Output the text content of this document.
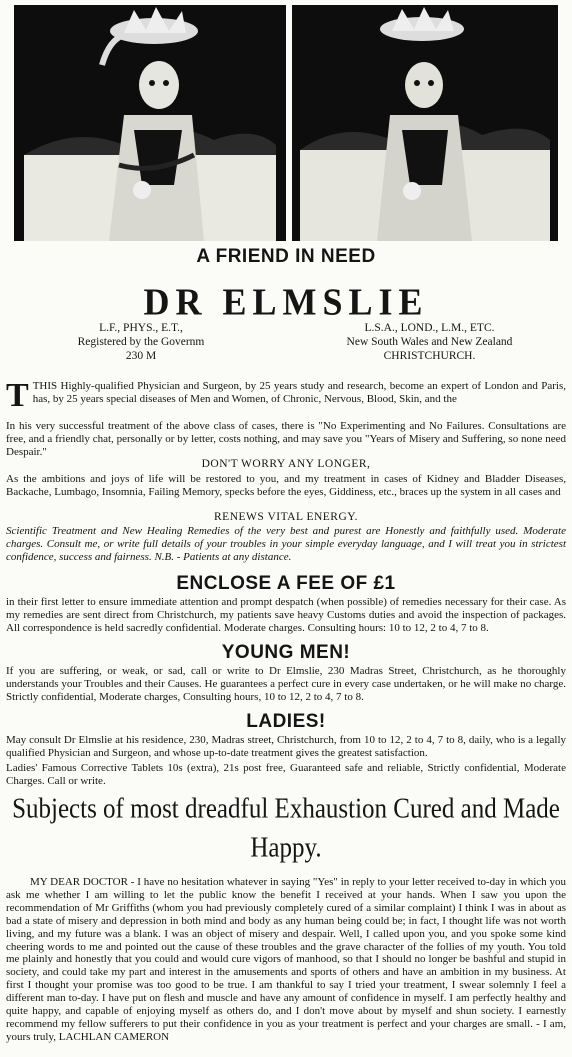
A FRIEND IN NEED
DR ELMSLIE
L.F., PHYS., E.T.,
Registered by the Governm
230 M
L.S.A., LOND., L.M., ETC.
New South Wales and New Zealand
CHRISTCHURCH.
TTHIS Highly-qualified Physician and Surgeon, by 25 years study and research, become an expert of London and Paris, has, by 25 years special diseases of Men and Women, of Chronic, Nervous, Blood, Skin, and the
In his very successful treatment of the above class of cases, there is "No Experimenting and No Failures. Consultations are free, and a friendly chat, personally or by letter, costs nothing, and may save you "Years of Misery and Suffering, so none need Despair."
DON'T WORRY ANY LONGER,
As the ambitions and joys of life will be restored to you, and my treatment in cases of Kidney and Bladder Diseases, Backache, Lumbago, Insomnia, Failing Memory, specks before the eyes, Giddiness, etc., braces up the system in all cases and
RENEWS VITAL ENERGY.
Scientific Treatment and New Healing Remedies of the very best and purest are Honestly and faithfully used. Moderate charges. Consult me, or write full details of your troubles in your simple everyday language, and I will treat you in strictest confidence, success and fairness. N.B. - Patients at any distance.
ENCLOSE A FEE OF £1
in their first letter to ensure immediate attention and prompt despatch (when possible) of remedies necessary for their case. As my remedies are sent direct from Christchurch, my patients save heavy Customs duties and avoid the inspection of packages. All correspondence is held sacredly confidential. Moderate charges. Consulting hours: 10 to 12, 2 to 4, 7 to 8.
YOUNG MEN!
If you are suffering, or weak, or sad, call or write to Dr Elmslie, 230 Madras Street, Christchurch, as he thoroughly understands your Troubles and their Causes. He guarantees a perfect cure in every case undertaken, or he will make no charge. Strictly confidential, Moderate charges, Consulting hours, 10 to 12, 2 to 4, 7 to 8.
LADIES!
May consult Dr Elmslie at his residence, 230, Madras street, Christchurch, from 10 to 12, 2 to 4, 7 to 8, daily, who is a legally qualified Physician and Surgeon, and whose up-to-date treatment gives the greatest satisfaction.
Ladies' Famous Corrective Tablets 10s (extra), 21s post free, Guaranteed safe and reliable, Strictly confidential, Moderate Charges. Call or write.
Subjects of most dreadful Exhaustion Cured and Made Happy.
MY DEAR DOCTOR - I have no hesitation whatever in saying "Yes" in reply to your letter received to-day in which you ask me whether I am willing to let the public know the benefit I received at your hands. When I saw you upon the recommendation of Mr Griffiths (whom you had previously completely cured of a similar complaint) I think I was in about as bad a state of misery and depression in both mind and body as any human being could be; in fact, I thought life was not worth living, and my future was a blank. I was an object of misery and despair. Well, I called upon you, and you spoke some kind cheering words to me and pointed out the cause of these troubles and the grave character of the follies of my youth. You told me plainly and honestly that you could and would cure vigors of manhood, so that I should no longer be bashful and stupid in society, and could take my part and interest in the amusements and sports of others and have an ambition in my business. At first I thought your promise was too good to be true. I am thankful to say I tried your treatment, I swear solemnly I feel a different man to-day. I have put on flesh and muscle and have any amount of confidence in myself. I am perfectly healthy and quite happy, and capable of enjoying myself as others do, and I don't move about by myself and shun society. I earnestly recommend my fellow sufferers to put their confidence in you as your treatment is perfect and your charges are small. - I am, yours truly, LACHLAN CAMERON
